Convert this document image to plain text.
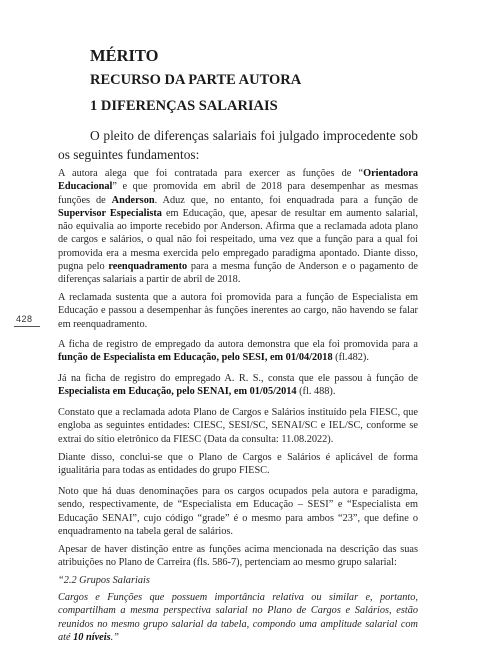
MÉRITO
RECURSO DA PARTE AUTORA
1 DIFERENÇAS SALARIAIS

O pleito de diferenças salariais foi julgado improcedente sob os seguintes fundamentos:

428

A autora alega que foi contratada para exercer as funções de “Orientadora Educacional” e que promovida em abril de 2018 para desempenhar as mesmas funções de Anderson. Aduz que, no entanto, foi enquadrada para a função de Supervisor Especialista em Educação, que, apesar de resultar em aumento salarial, não equivalia ao importe recebido por Anderson. Afirma que a reclamada adota plano de cargos e salários, o qual não foi respeitado, uma vez que a função para a qual foi promovida era a mesma exercida pelo empregado paradigma apontado. Diante disso, pugna pelo reenquadramento para a mesma função de Anderson e o pagamento de diferenças salariais a partir de abril de 2018.

A reclamada sustenta que a autora foi promovida para a função de Especialista em Educação e passou a desempenhar às funções inerentes ao cargo, não havendo se falar em reenquadramento.

A ficha de registro de empregado da autora demonstra que ela foi promovida para a função de Especialista em Educação, pelo SESI, em 01/04/2018 (fl.482).

Já na ficha de registro do empregado A. R. S., consta que ele passou à função de Especialista em Educação, pelo SENAI, em 01/05/2014 (fl. 488).

Constato que a reclamada adota Plano de Cargos e Salários instituído pela FIESC, que engloba as seguintes entidades: CIESC, SESI/SC, SENAI/SC e IEL/SC, conforme se extrai do sítio eletrônico da FIESC (Data da consulta: 11.08.2022).

Diante disso, conclui-se que o Plano de Cargos e Salários é aplicável de forma igualitária para todas as entidades do grupo FIESC.

Noto que há duas denominações para os cargos ocupados pela autora e paradigma, sendo, respectivamente, de “Especialista em Educação – SESI” e “Especialista em Educação SENAI”, cujo código “grade” é o mesmo para ambos “23”, que define o enquadramento na tabela geral de salários.

Apesar de haver distinção entre as funções acima mencionada na descrição das suas atribuições no Plano de Carreira (fls. 586-7), pertenciam ao mesmo grupo salarial:

“2.2 Grupos Salariais

Cargos e Funções que possuem importância relativa ou similar e, portanto, compartilham a mesma perspectiva salarial no Plano de Cargos e Salários, estão reunidos no mesmo grupo salarial da tabela, compondo uma amplitude salarial com até 10 níveis.”
